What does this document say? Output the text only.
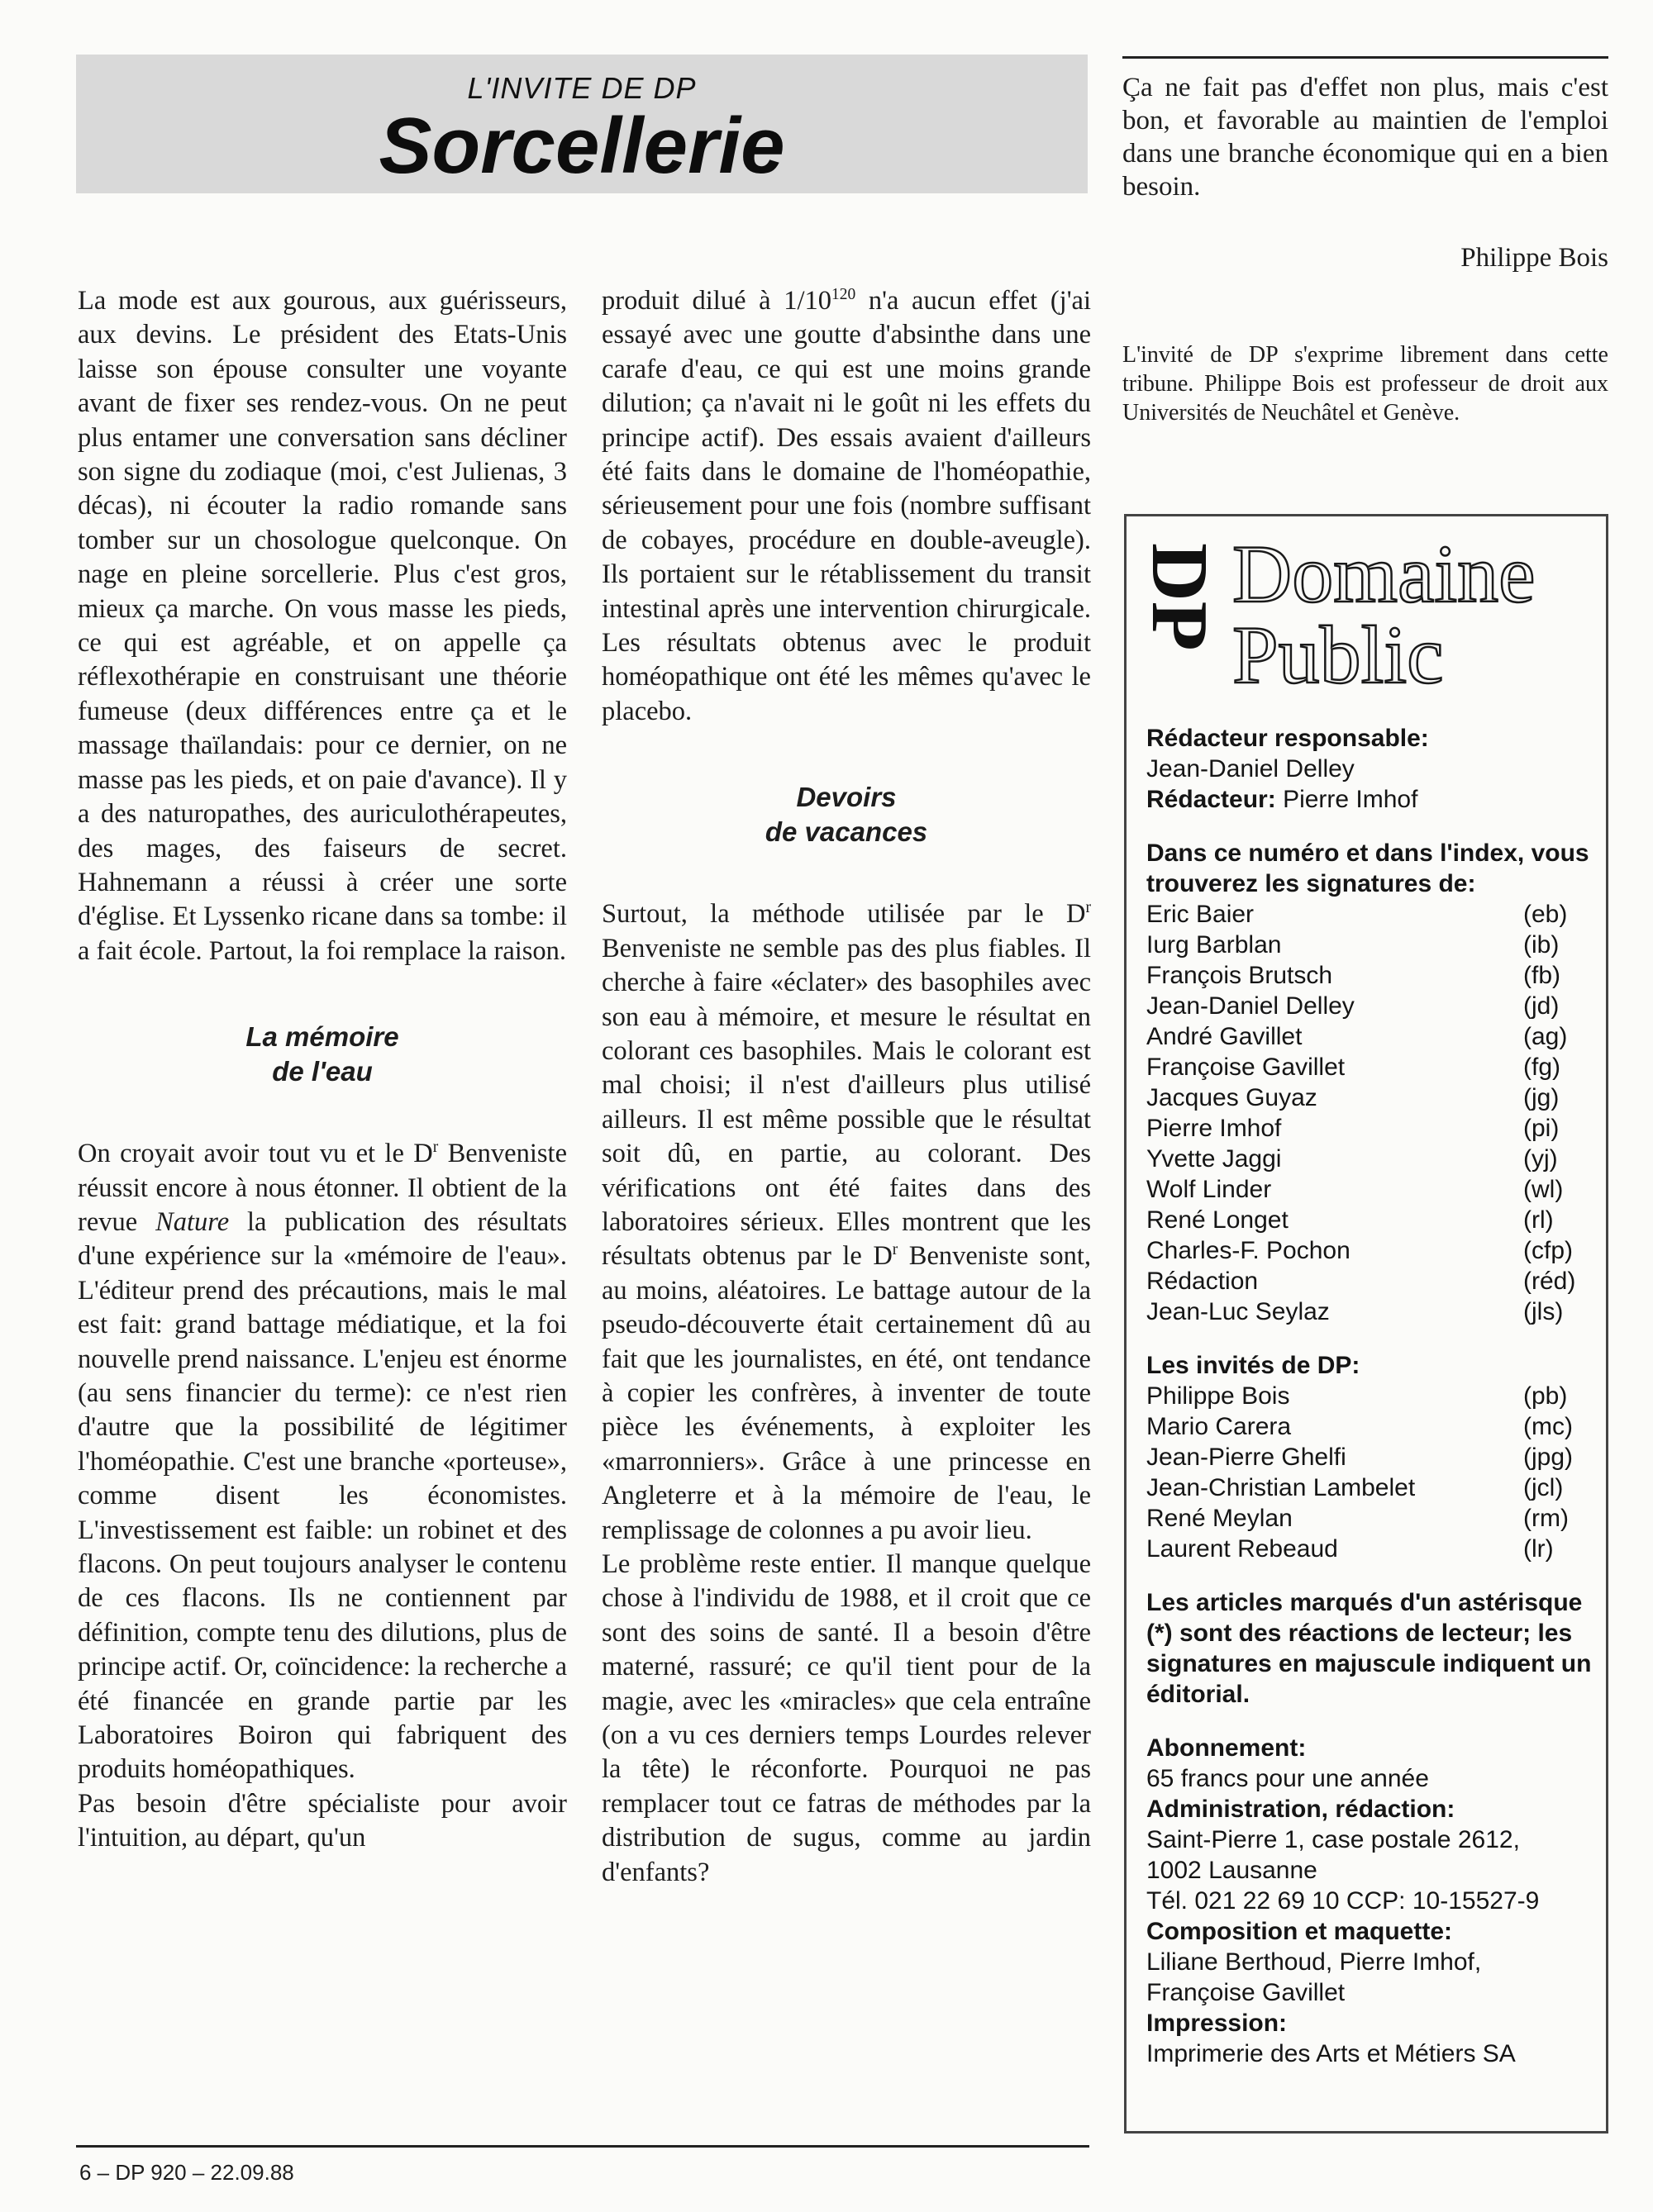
L'INVITE DE DP
Sorcellerie

La mode est aux gourous, aux guérisseurs, aux devins. Le président des Etats-Unis laisse son épouse consulter une voyante avant de fixer ses rendez-vous. On ne peut plus entamer une conversation sans décliner son signe du zodiaque (moi, c'est Julienas, 3 décas), ni écouter la radio romande sans tomber sur un chosologue quelconque. On nage en pleine sorcellerie. Plus c'est gros, mieux ça marche. On vous masse les pieds, ce qui est agréable, et on appelle ça réflexothérapie en construisant une théorie fumeuse (deux différences entre ça et le massage thaïlandais: pour ce dernier, on ne masse pas les pieds, et on paie d'avance). Il y a des naturopathes, des auriculothérapeutes, des mages, des faiseurs de secret. Hahnemann a réussi à créer une sorte d'église. Et Lyssenko ricane dans sa tombe: il a fait école. Partout, la foi remplace la raison.

La mémoire
de l'eau

On croyait avoir tout vu et le $D^r$ Benveniste réussit encore à nous étonner. Il obtient de la revue Nature la publication des résultats d'une expérience sur la «mémoire de l'eau». L'éditeur prend des précautions, mais le mal est fait: grand battage médiatique, et la foi nouvelle prend naissance. L'enjeu est énorme (au sens financier du terme): ce n'est rien d'autre que la possibilité de légitimer l'homéopathie. C'est une branche «porteuse», comme disent les économistes. L'investissement est faible: un robinet et des flacons. On peut toujours analyser le contenu de ces flacons. Ils ne contiennent par définition, compte tenu des dilutions, plus de principe actif. Or, coïncidence: la recherche a été financée en grande partie par les Laboratoires Boiron qui fabriquent des produits homéopathiques.

Pas besoin d'être spécialiste pour avoir l'intuition, au départ, qu'un

produit dilué à $1/10^{120}$ n'a aucun effet (j'ai essayé avec une goutte d'absinthe dans une carafe d'eau, ce qui est une moins grande dilution; ça n'avait ni le goût ni les effets du principe actif). Des essais avaient d'ailleurs été faits dans le domaine de l'homéopathie, sérieusement pour une fois (nombre suffisant de cobayes, procédure en double-aveugle). Ils portaient sur le rétablissement du transit intestinal après une intervention chirurgicale. Les résultats obtenus avec le produit homéopathique ont été les mêmes qu'avec le placebo.

Devoirs
de vacances

Surtout, la méthode utilisée par le $D^r$ Benveniste ne semble pas des plus fiables. Il cherche à faire «éclater» des basophiles avec son eau à mémoire, et mesure le résultat en colorant ces basophiles. Mais le colorant est mal choisi; il n'est d'ailleurs plus utilisé ailleurs. Il est même possible que le résultat soit dû, en partie, au colorant. Des vérifications ont été faites dans des laboratoires sérieux. Elles montrent que les résultats obtenus par le $D^r$ Benveniste sont, au moins, aléatoires. Le battage autour de la pseudo-découverte était certainement dû au fait que les journalistes, en été, ont tendance à copier les confrères, à inventer de toute pièce les événements, à exploiter les «marronniers». Grâce à une princesse en Angleterre et à la mémoire de l'eau, le remplissage de colonnes a pu avoir lieu.

Le problème reste entier. Il manque quelque chose à l'individu de 1988, et il croit que ce sont des soins de santé. Il a besoin d'être materné, rassuré; ce qu'il tient pour de la magie, avec les «miracles» que cela entraîne (on a vu ces derniers temps Lourdes relever la tête) le réconforte. Pourquoi ne pas remplacer tout ce fatras de méthodes par la distribution de sugus, comme au jardin d'enfants?

Ça ne fait pas d'effet non plus, mais c'est bon, et favorable au maintien de l'emploi dans une branche économique qui en a bien besoin.
Philippe Bois
L'invité de DP s'exprime librement dans cette tribune. Philippe Bois est professeur de droit aux Universités de Neuchâtel et Genève.
DP Domaine
Public
Rédacteur responsable:
Jean-Daniel Delley
Rédacteur: Pierre Imhof
Dans ce numéro et dans l'index, vous trouverez les signatures de:
Eric Baier	(eb)
Iurg Barblan	(ib)
François Brutsch	(fb)
Jean-Daniel Delley	(jd)
André Gavillet	(ag)
Françoise Gavillet	(fg)
Jacques Guyaz	(jg)
Pierre Imhof	(pi)
Yvette Jaggi	(yj)
Wolf Linder	(wl)
René Longet	(rl)
Charles-F. Pochon	(cfp)
Rédaction	(réd)
Jean-Luc Seylaz	(jls)
Les invités de DP:
Philippe Bois	(pb)
Mario Carera	(mc)
Jean-Pierre Ghelfi	(jpg)
Jean-Christian Lambelet	(jcl)
René Meylan	(rm)
Laurent Rebeaud	(lr)
Les articles marqués d'un astérisque (*) sont des réactions de lecteur; les signatures en majuscule indiquent un éditorial.
Abonnement:
65 francs pour une année
Administration, rédaction:
Saint-Pierre 1, case postale 2612,
1002 Lausanne
Tél. 021 22 69 10 CCP: 10-15527-9
Composition et maquette:
Liliane Berthoud, Pierre Imhof,
Françoise Gavillet
Impression:
Imprimerie des Arts et Métiers SA
6 – DP 920 – 22.09.88
